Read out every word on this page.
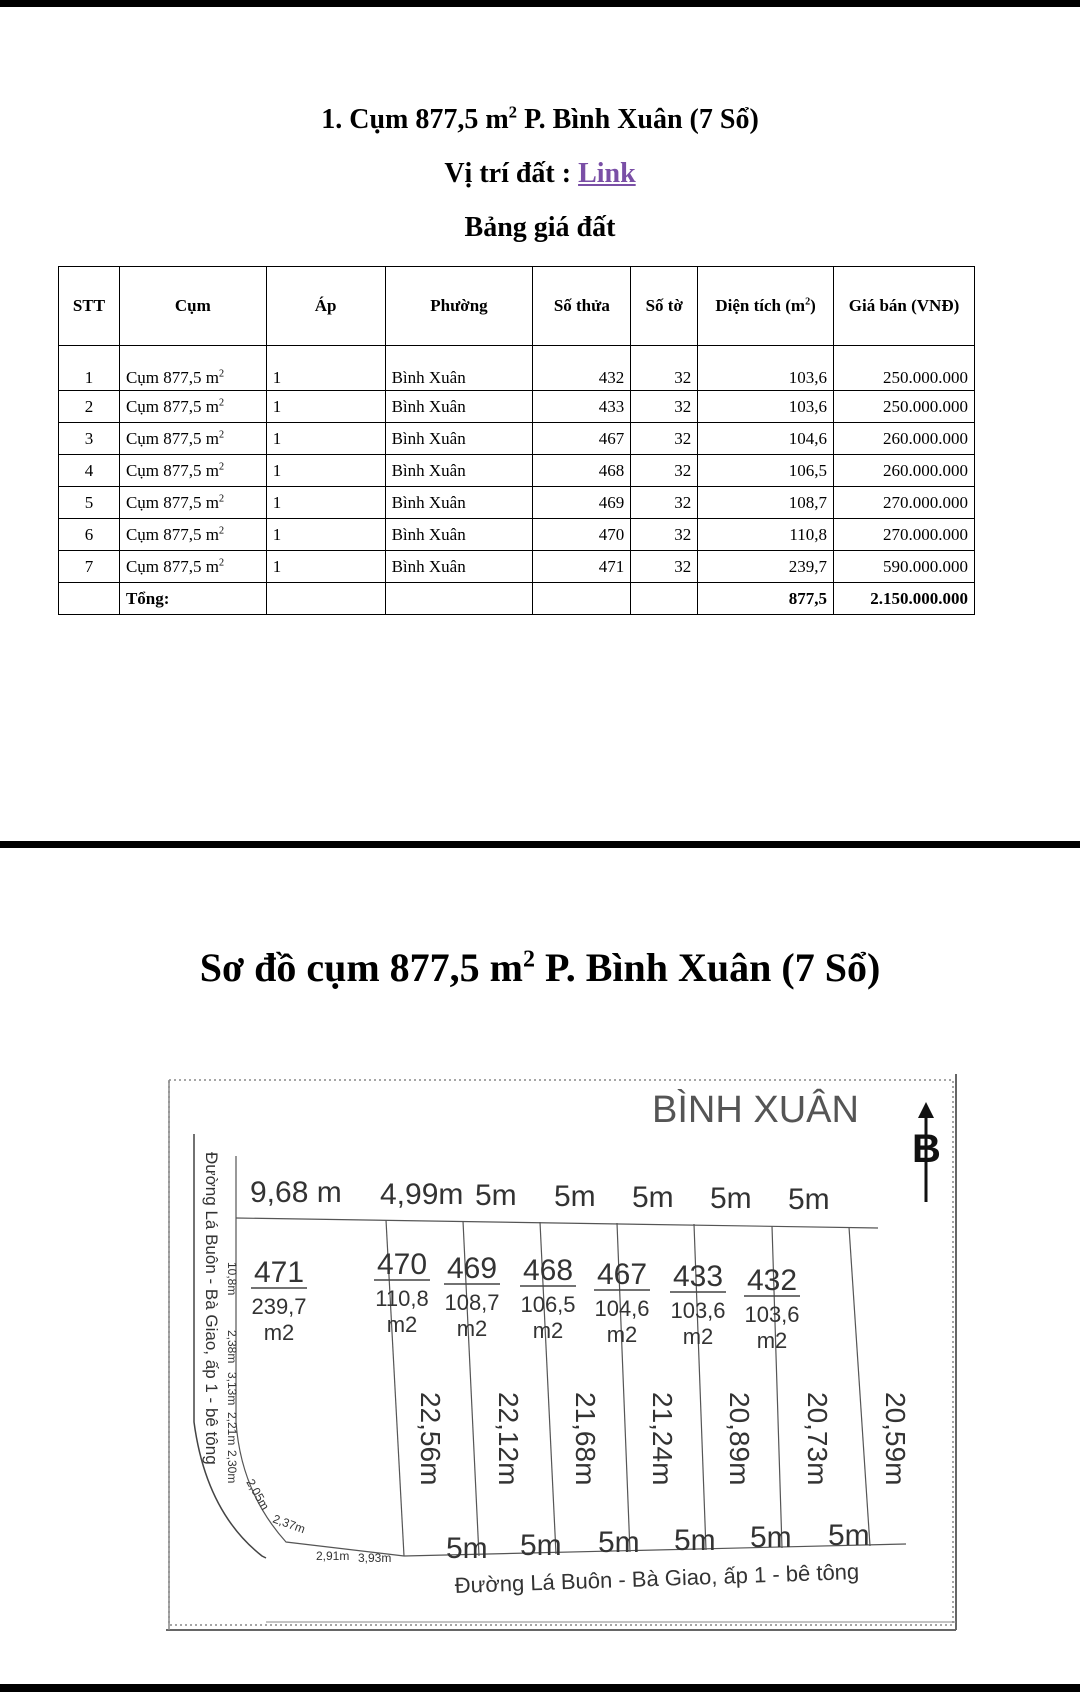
1. Cụm 877,5 $m^2$ P. Bình Xuân (7 Sổ)
Vị trí đất : Link
Bảng giá đất
STT	Cụm	Áp	Phường	Số thửa	Số tờ	Diện tích $(m^2)$	Giá bán (VNĐ)
1	Cụm 877,5 $m^2$	1	Bình Xuân	432	32	103,6	250.000.000
2	Cụm 877,5 $m^2$	1	Bình Xuân	433	32	103,6	250.000.000
3	Cụm 877,5 $m^2$	1	Bình Xuân	467	32	104,6	260.000.000
4	Cụm 877,5 $m^2$	1	Bình Xuân	468	32	106,5	260.000.000
5	Cụm 877,5 $m^2$	1	Bình Xuân	469	32	108,7	270.000.000
6	Cụm 877,5 $m^2$	1	Bình Xuân	470	32	110,8	270.000.000
7	Cụm 877,5 $m^2$	1	Bình Xuân	471	32	239,7	590.000.000
	Tổng:					877,5	2.150.000.000
Sơ đồ cụm 877,5 $m^2$ P. Bình Xuân (7 Sổ)
BÌNH XUÂN
B
Đường Lá Buôn - Bà Giao, ấp 1 - bê tông
Đường Lá Buôn - Bà Giao, ấp 1 - bê tông
9,68 m 4,99m 5m 5m 5m 5m 5m
5m 5m 5m 5m 5m 5m
22,56m 22,12m 21,68m 21,24m 20,89m 20,73m 20,59m
10,8m
2,38m
3,13m
2,21m
2,30m
2,05m
2,37m
2,91m 3,93m
471
239,7
m2
470
110,8
m2
469
108,7
m2
468
106,5
m2
467
104,6
m2
433
103,6
m2
432
103,6
m2
